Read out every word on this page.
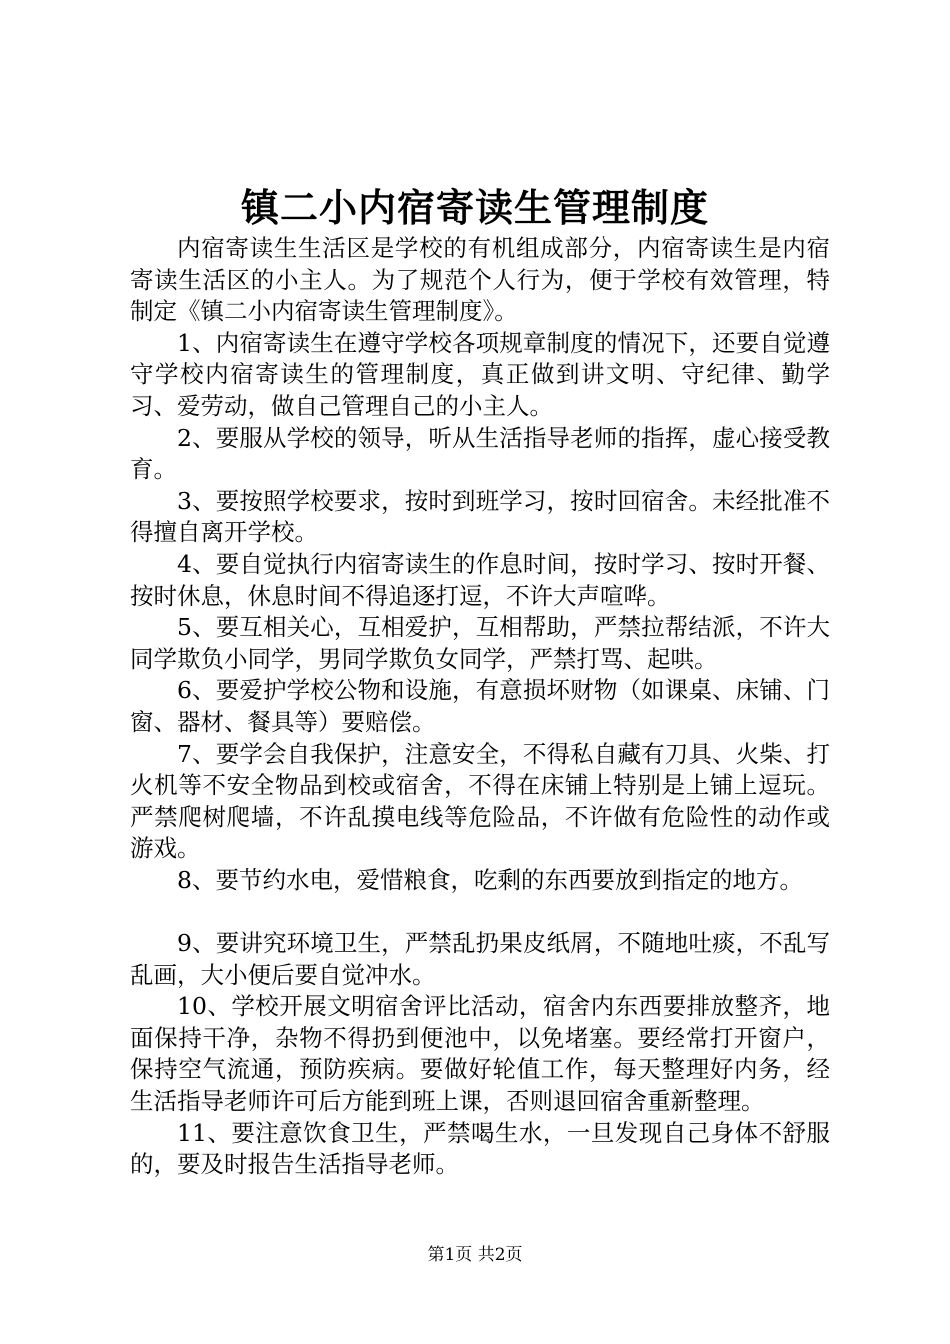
镇二小内宿寄读生管理制度

内宿寄读生生活区是学校的有机组成部分，内宿寄读生是内宿寄读生活区的小主人。为了规范个人行为，便于学校有效管理，特制定《镇二小内宿寄读生管理制度》。

1、内宿寄读生在遵守学校各项规章制度的情况下，还要自觉遵守学校内宿寄读生的管理制度，真正做到讲文明、守纪律、勤学习、爱劳动，做自己管理自己的小主人。

2、要服从学校的领导，听从生活指导老师的指挥，虚心接受教育。

3、要按照学校要求，按时到班学习，按时回宿舍。未经批准不得擅自离开学校。

4、要自觉执行内宿寄读生的作息时间，按时学习、按时开餐、按时休息，休息时间不得追逐打逗，不许大声喧哗。

5、要互相关心，互相爱护，互相帮助，严禁拉帮结派，不许大同学欺负小同学，男同学欺负女同学，严禁打骂、起哄。

6、要爱护学校公物和设施，有意损坏财物（如课桌、床铺、门窗、器材、餐具等）要赔偿。

7、要学会自我保护，注意安全，不得私自藏有刀具、火柴、打火机等不安全物品到校或宿舍，不得在床铺上特别是上铺上逗玩。严禁爬树爬墙，不许乱摸电线等危险品，不许做有危险性的动作或游戏。

8、要节约水电，爱惜粮食，吃剩的东西要放到指定的地方。

9、要讲究环境卫生，严禁乱扔果皮纸屑，不随地吐痰，不乱写乱画，大小便后要自觉冲水。

10、学校开展文明宿舍评比活动，宿舍内东西要排放整齐，地面保持干净，杂物不得扔到便池中，以免堵塞。要经常打开窗户，保持空气流通，预防疾病。要做好轮值工作，每天整理好内务，经生活指导老师许可后方能到班上课，否则退回宿舍重新整理。

11、要注意饮食卫生，严禁喝生水，一旦发现自己身体不舒服的，要及时报告生活指导老师。

第1页 共2页
